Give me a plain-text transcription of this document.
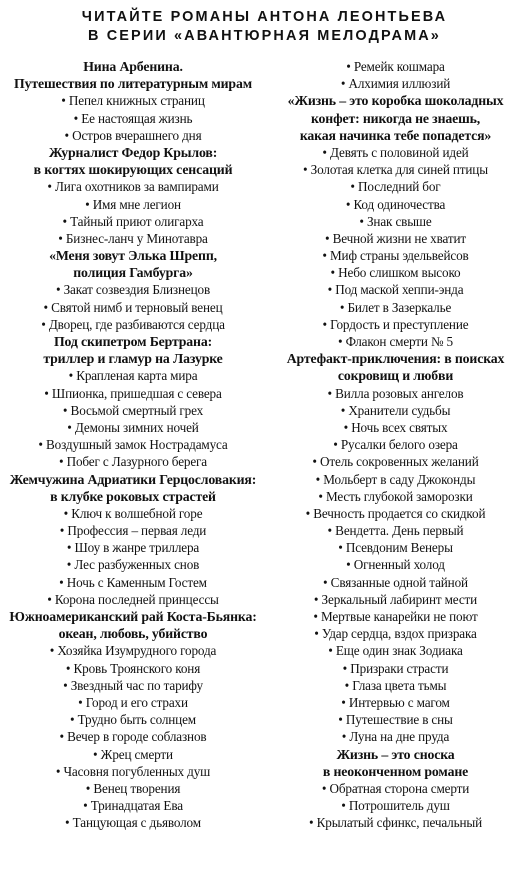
ЧИТАЙТЕ РОМАНЫ АНТОНА ЛЕОНТЬЕВА
В СЕРИИ «АВАНТЮРНАЯ МЕЛОДРАМА»
Нина Арбенина.
Путешествия по литературным мирам
• Пепел книжных страниц
• Ее настоящая жизнь
• Остров вчерашнего дня
Журналист Федор Крылов:
в когтях шокирующих сенсаций
• Лига охотников за вампирами
• Имя мне легион
• Тайный приют олигарха
• Бизнес-ланч у Минотавра
«Меня зовут Элька Шрепп,
полиция Гамбурга»
• Закат созвездия Близнецов
• Святой нимб и терновый венец
• Дворец, где разбиваются сердца
Под скипетром Бертрана:
триллер и гламур на Лазурке
• Крапленая карта мира
• Шпионка, пришедшая с севера
• Восьмой смертный грех
• Демоны зимних ночей
• Воздушный замок Нострадамуса
• Побег с Лазурного берега
Жемчужина Адриатики Герцословакия:
в клубке роковых страстей
• Ключ к волшебной горе
• Профессия – первая леди
• Шоу в жанре триллера
• Лес разбуженных снов
• Ночь с Каменным Гостем
• Корона последней принцессы
Южноамериканский рай Коста-Бьянка:
океан, любовь, убийство
• Хозяйка Изумрудного города
• Кровь Троянского коня
• Звездный час по тарифу
• Город и его страхи
• Трудно быть солнцем
• Вечер в городе соблазнов
• Жрец смерти
• Часовня погубленных душ
• Венец творения
• Тринадцатая Ева
• Танцующая с дьяволом
• Ремейк кошмара
• Алхимия иллюзий
«Жизнь – это коробка шоколадных
конфет: никогда не знаешь,
какая начинка тебе попадется»
• Девять с половиной идей
• Золотая клетка для синей птицы
• Последний бог
• Код одиночества
• Знак свыше
• Вечной жизни не хватит
• Миф страны эдельвейсов
• Небо слишком высоко
• Под маской хеппи-энда
• Билет в Зазеркалье
• Гордость и преступление
• Флакон смерти № 5
Артефакт-приключения: в поисках
сокровищ и любви
• Вилла розовых ангелов
• Хранители судьбы
• Ночь всех святых
• Русалки белого озера
• Отель сокровенных желаний
• Мольберт в саду Джоконды
• Месть глубокой заморозки
• Вечность продается со скидкой
• Вендетта. День первый
• Псевдоним Венеры
• Огненный холод
• Связанные одной тайной
• Зеркальный лабиринт мести
• Мертвые канарейки не поют
• Удар сердца, вздох призрака
• Еще один знак Зодиака
• Призраки страсти
• Глаза цвета тьмы
• Интервью с магом
• Путешествие в сны
• Луна на дне пруда
Жизнь – это сноска
в неоконченном романе
• Обратная сторона смерти
• Потрошитель душ
• Крылатый сфинкс, печальный
